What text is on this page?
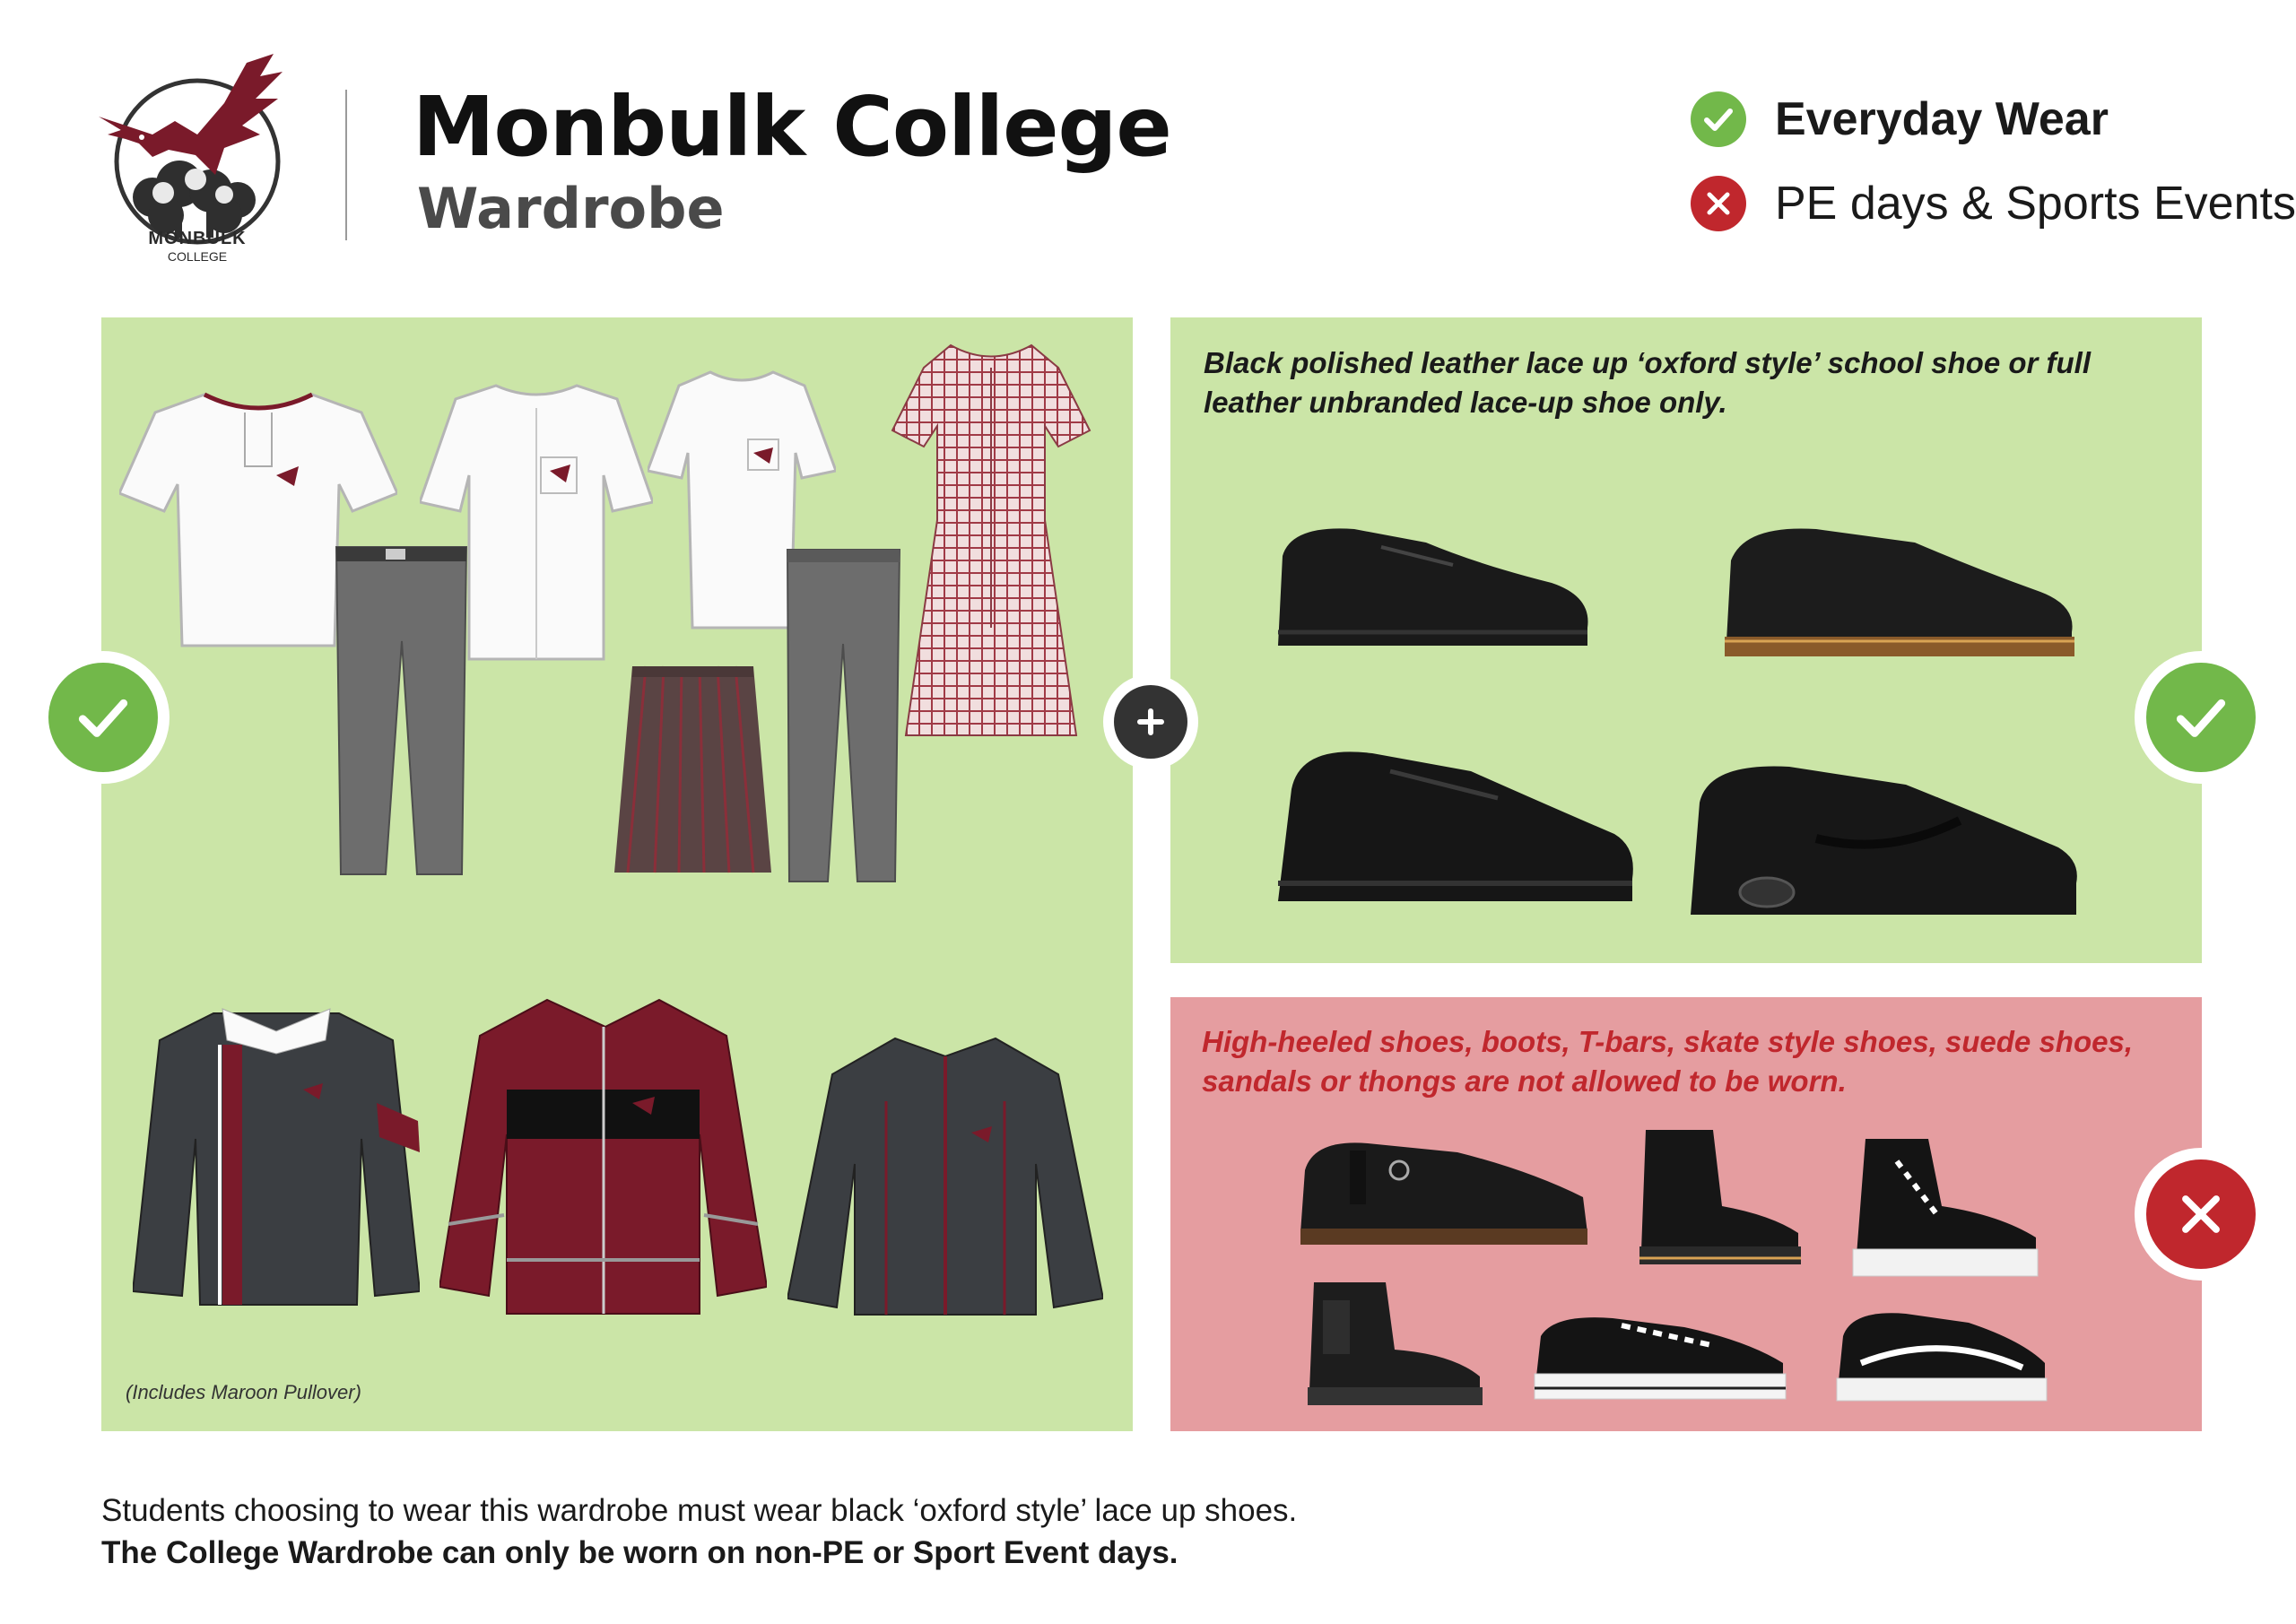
MONBULK
COLLEGE
Monbulk College
Wardrobe
Everyday Wear
PE days & Sports Events
(Includes Maroon Pullover)
Black polished leather lace up ‘oxford style’ school shoe or full leather unbranded lace-up shoe only.
High-heeled shoes, boots, T-bars, skate style shoes, suede shoes, sandals or thongs are not allowed to be worn.
Students choosing to wear this wardrobe must wear black ‘oxford style’ lace up shoes.
The College Wardrobe can only be worn on non-PE or Sport Event days.
